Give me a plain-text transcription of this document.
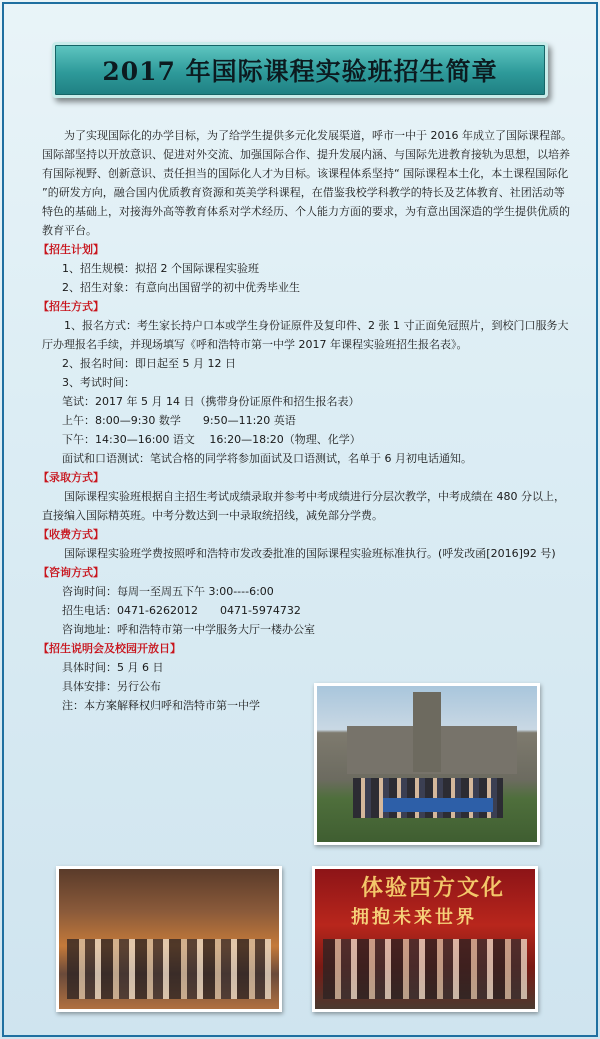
2017 年国际课程实验班招生简章

为了实现国际化的办学目标，为了给学生提供多元化发展渠道，呼市一中于 2016 年成立了国际课程部。国际部坚持以开放意识、促进对外交流、加强国际合作、提升发展内涵、与国际先进教育接轨为思想，以培养有国际视野、创新意识、责任担当的国际化人才为目标。该课程体系坚持“ 国际课程本土化，本土课程国际化 ”的研发方向，融合国内优质教育资源和英美学科课程，在借鉴我校学科教学的特长及艺体教育、社团活动等特色的基础上，对接海外高等教育体系对学术经历、个人能力方面的要求，为有意出国深造的学生提供优质的教育平台。

【招生计划】
1、招生规模：拟招 2 个国际课程实验班
2、招生对象：有意向出国留学的初中优秀毕业生
【招生方式】

1、报名方式：考生家长持户口本或学生身份证原件及复印件、2 张 1 寸正面免冠照片，到校门口服务大厅办理报名手续，并现场填写《呼和浩特市第一中学 2017 年课程实验班招生报名表》。

2、报名时间：即日起至 5 月 12 日
3、考试时间：
笔试：2017 年 5 月 14 日（携带身份证原件和招生报名表）
上午：8:00—9:30 数学　　9:50—11:20 英语
下午：14:30—16:00 语文　 16:20—18:20（物理、化学）
面试和口语测试：笔试合格的同学将参加面试及口语测试，名单于 6 月初电话通知。
【录取方式】

国际课程实验班根据自主招生考试成绩录取并参考中考成绩进行分层次教学，中考成绩在 480 分以上，直接编入国际精英班。中考分数达到一中录取统招线，减免部分学费。

【收费方式】

国际课程实验班学费按照呼和浩特市发改委批准的国际课程实验班标准执行。(呼发改函[2016]92 号)

【咨询方式】
咨询时间：每周一至周五下午 3:00----6:00
招生电话：0471-6262012　　0471-5974732
咨询地址：呼和浩特市第一中学服务大厅一楼办公室
【招生说明会及校园开放日】
具体时间：5 月 6 日
具体安排：另行公布
注：本方案解释权归呼和浩特市第一中学
体验西方文化
拥抱未来世界
